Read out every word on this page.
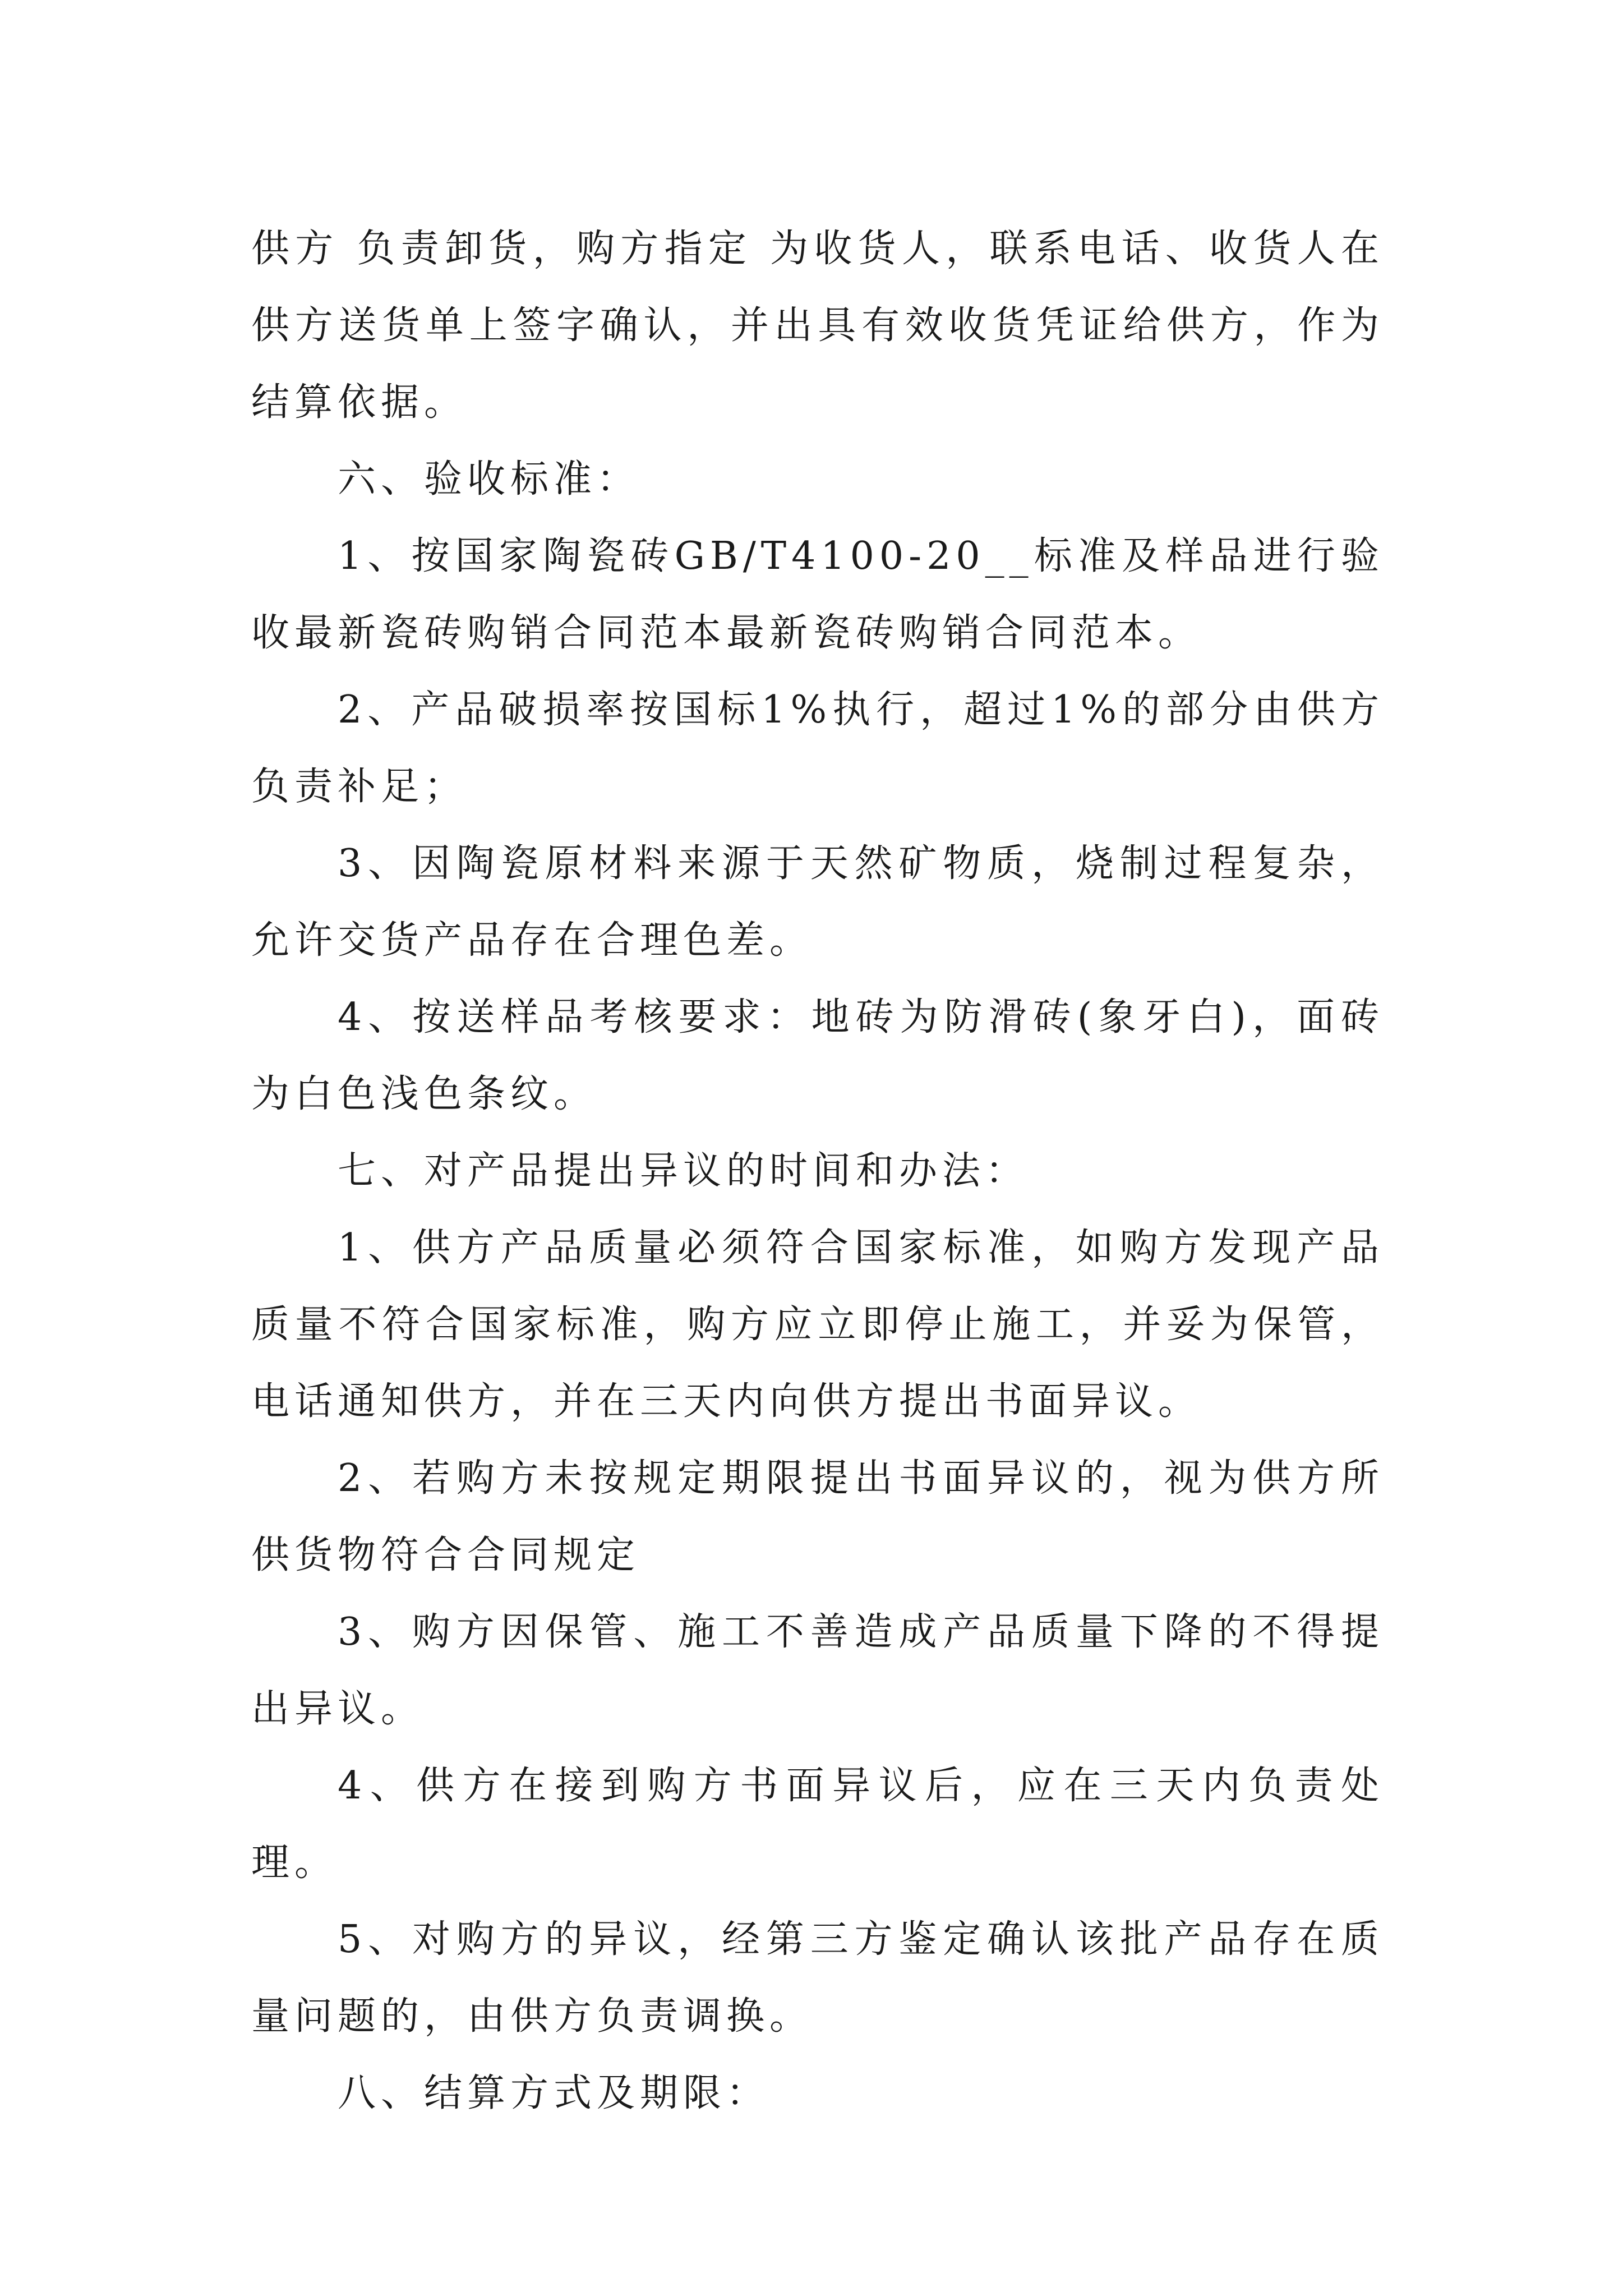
供方 负责卸货，购方指定 为收货人，联系电话、收货人在供方送货单上签字确认，并出具有效收货凭证给供方，作为结算依据。

六、验收标准：

1、按国家陶瓷砖GB/T4100-20__标准及样品进行验收最新瓷砖购销合同范本最新瓷砖购销合同范本。

2、产品破损率按国标1%执行，超过1%的部分由供方负责补足；

3、因陶瓷原材料来源于天然矿物质，烧制过程复杂，允许交货产品存在合理色差。

4、按送样品考核要求：地砖为防滑砖(象牙白)，面砖为白色浅色条纹。

七、对产品提出异议的时间和办法：

1、供方产品质量必须符合国家标准，如购方发现产品质量不符合国家标准，购方应立即停止施工，并妥为保管，电话通知供方，并在三天内向供方提出书面异议。

2、若购方未按规定期限提出书面异议的，视为供方所供货物符合合同规定

3、购方因保管、施工不善造成产品质量下降的不得提出异议。

4、供方在接到购方书面异议后，应在三天内负责处理。

5、对购方的异议，经第三方鉴定确认该批产品存在质量问题的，由供方负责调换。

八、结算方式及期限：
